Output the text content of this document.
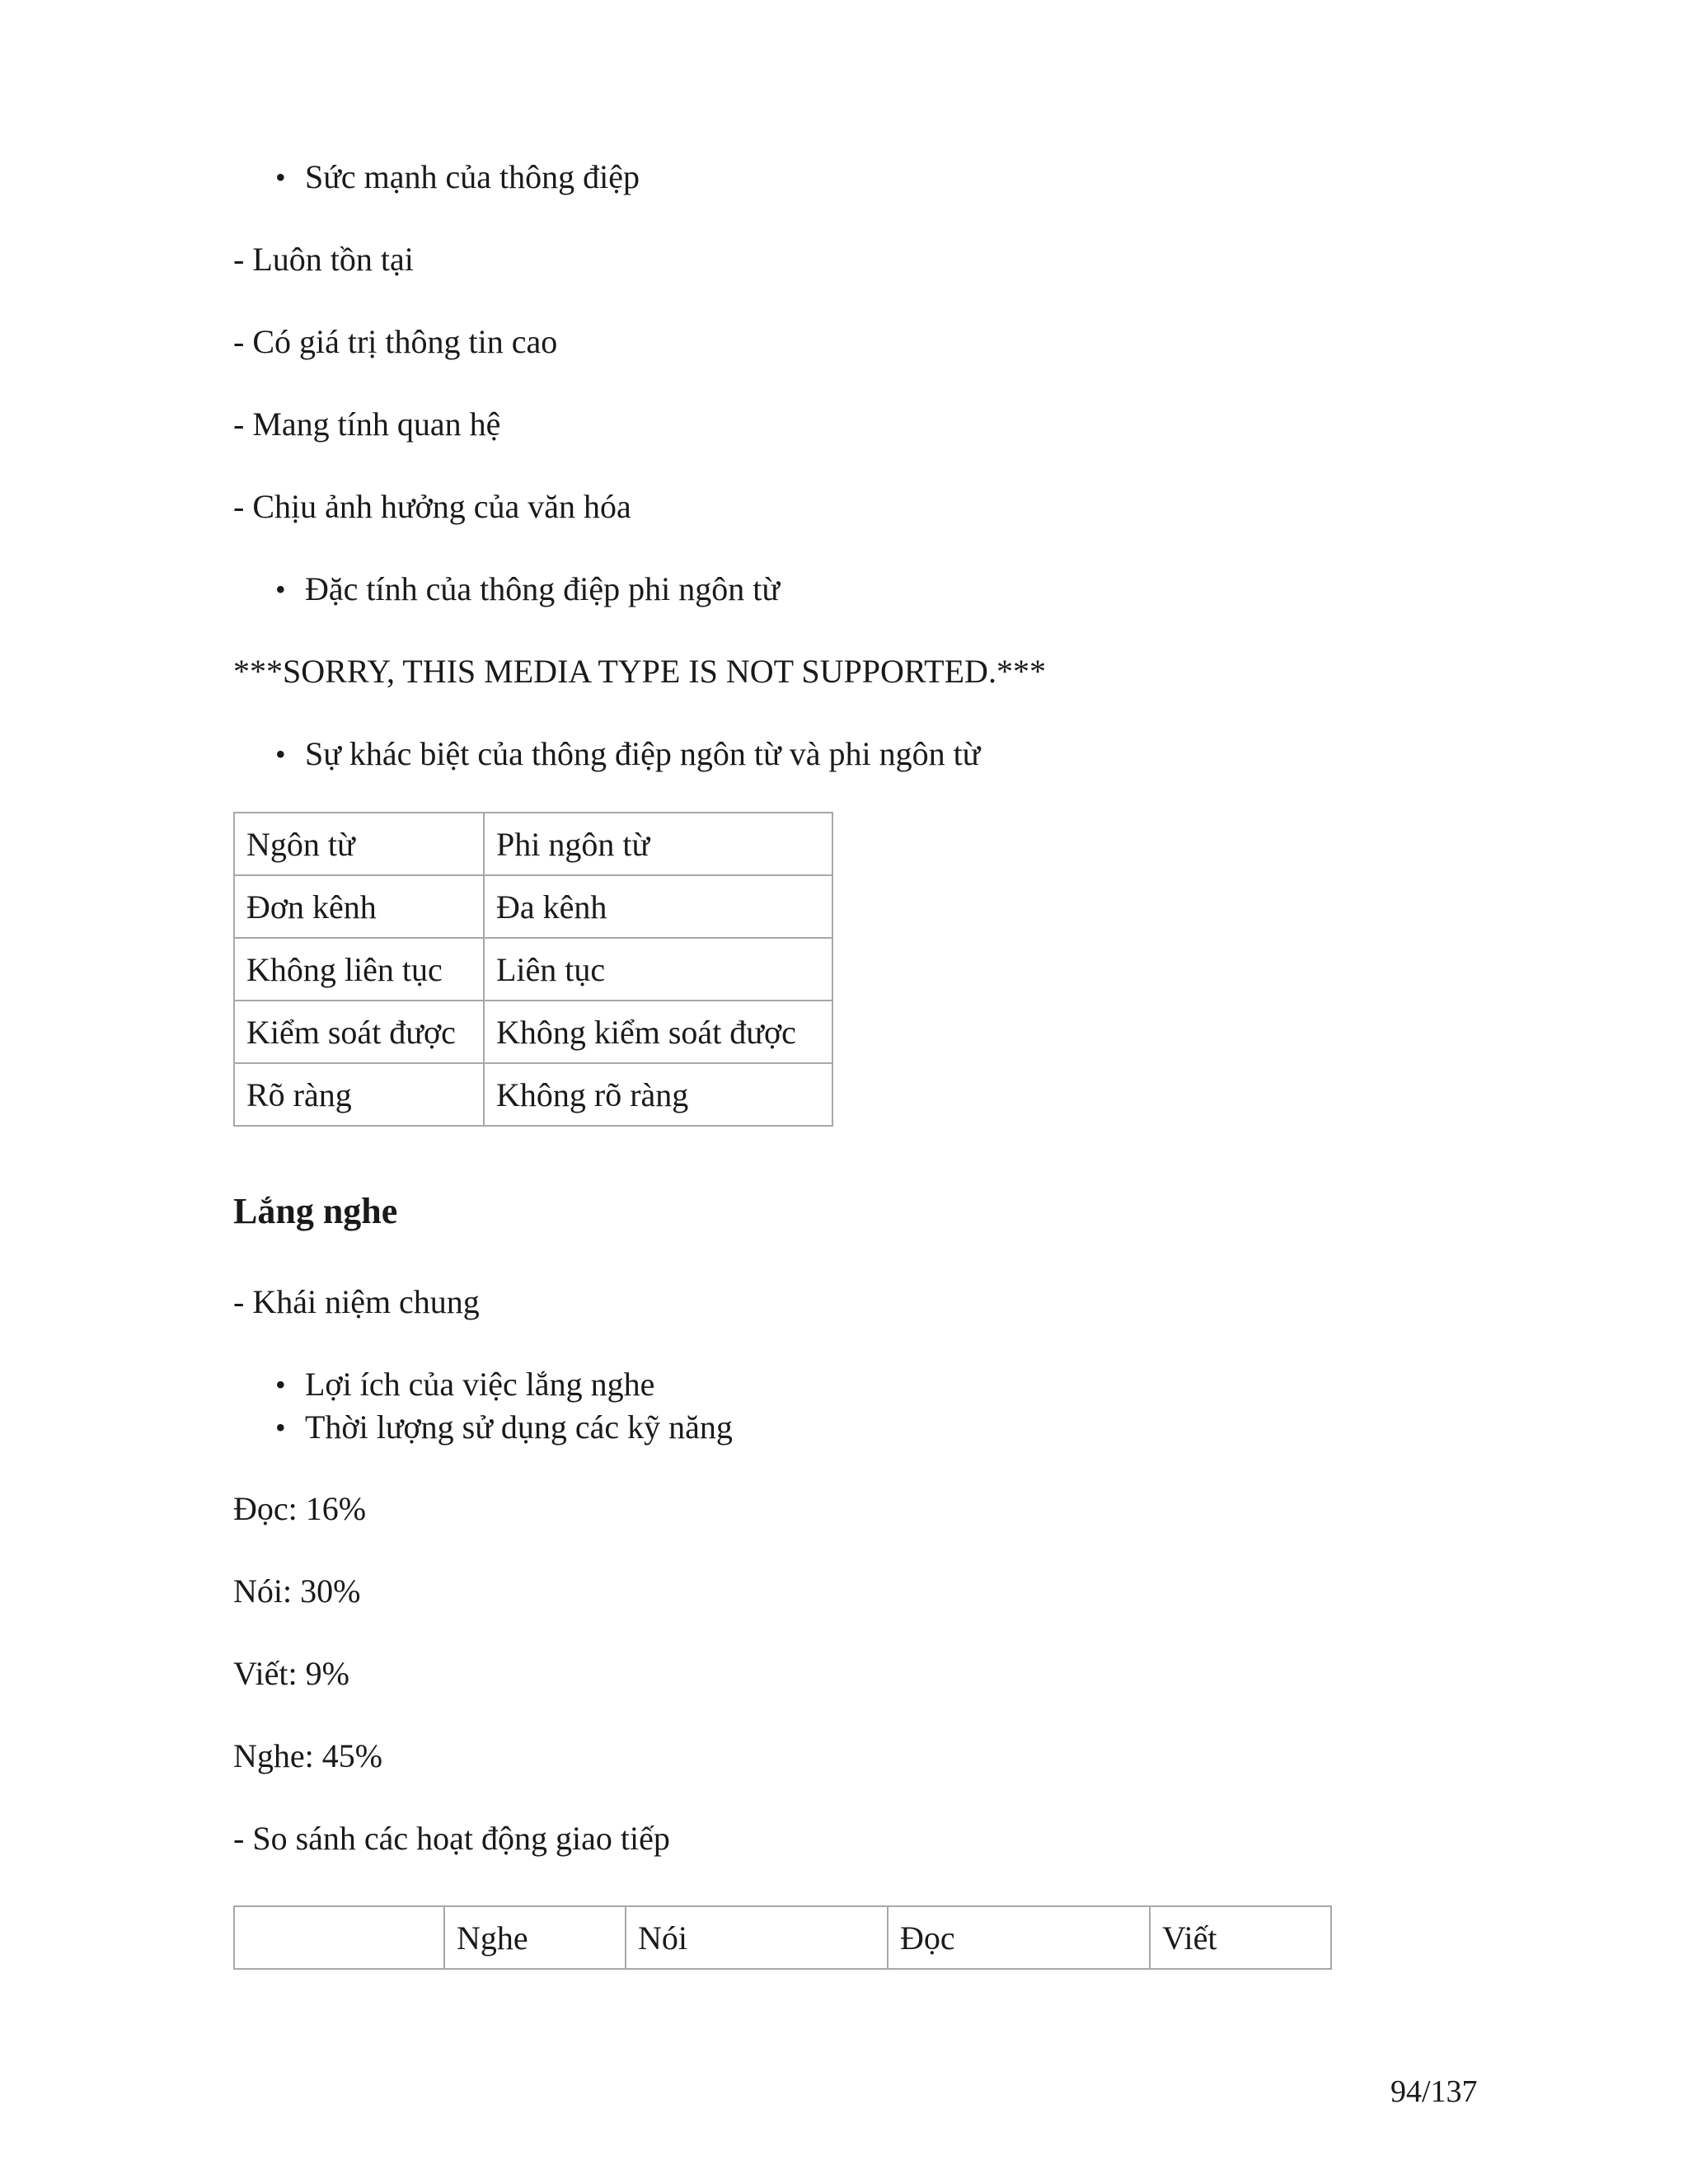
• Sức mạnh của thông điệp
- Luôn tồn tại
- Có giá trị thông tin cao
- Mang tính quan hệ
- Chịu ảnh hưởng của văn hóa
• Đặc tính của thông điệp phi ngôn từ
***SORRY, THIS MEDIA TYPE IS NOT SUPPORTED.***
• Sự khác biệt của thông điệp ngôn từ và phi ngôn từ
Ngôn từ	Phi ngôn từ
Đơn kênh	Đa kênh
Không liên tục	Liên tục
Kiểm soát được	Không kiểm soát được
Rõ ràng	Không rõ ràng
Lắng nghe
- Khái niệm chung
• Lợi ích của việc lắng nghe
• Thời lượng sử dụng các kỹ năng
Đọc: 16%
Nói: 30%
Viết: 9%
Nghe: 45%
- So sánh các hoạt động giao tiếp
	Nghe	Nói	Đọc	Viết
94/137
